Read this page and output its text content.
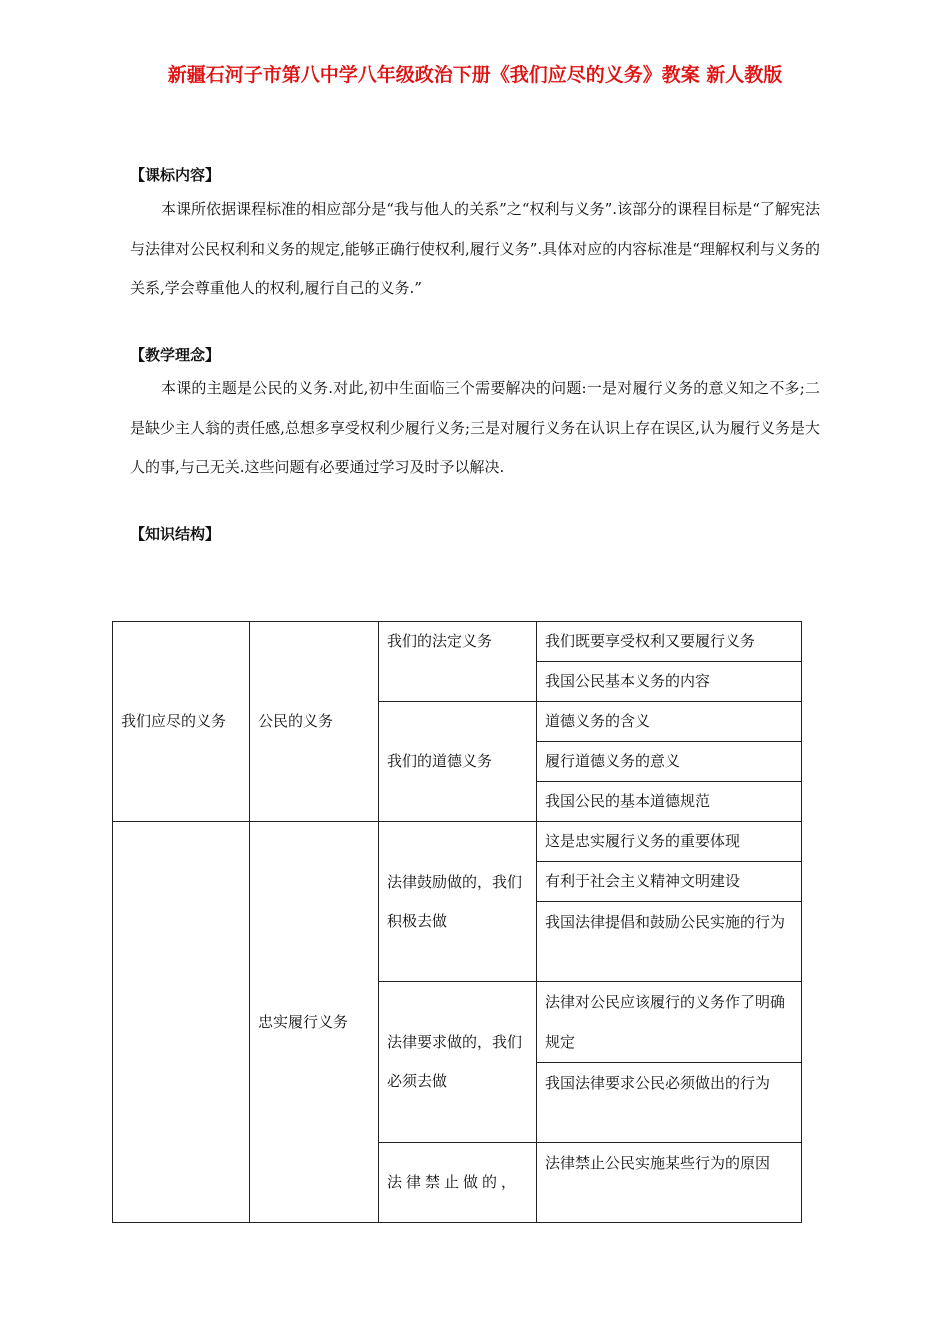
新疆石河子市第八中学八年级政治下册《我们应尽的义务》教案 新人教版
【课标内容】
本课所依据课程标准的相应部分是“我与他人的关系”之“权利与义务”.该部分的课程目标是“了解宪法与法律对公民权利和义务的规定,能够正确行使权利,履行义务”.具体对应的内容标准是“理解权利与义务的关系,学会尊重他人的权利,履行自己的义务.”
【教学理念】
本课的主题是公民的义务.对此,初中生面临三个需要解决的问题:一是对履行义务的意义知之不多;二是缺少主人翁的责任感,总想多享受权利少履行义务;三是对履行义务在认识上存在误区,认为履行义务是大人的事,与己无关.这些问题有必要通过学习及时予以解决.
【知识结构】
我们应尽的义务	公民的义务	我们的法定义务	我们既要享受权利又要履行义务
			我国公民基本义务的内容
		我们的道德义务	道德义务的含义
			履行道德义务的意义
			我国公民的基本道德规范
	忠实履行义务	法律鼓励做的，我们积极去做	这是忠实履行义务的重要体现
			有利于社会主义精神文明建设
			我国法律提倡和鼓励公民实施的行为
		法律要求做的，我们必须去做	法律对公民应该履行的义务作了明确规定
			我国法律要求公民必须做出的行为
		法律禁止做的，	法律禁止公民实施某些行为的原因
